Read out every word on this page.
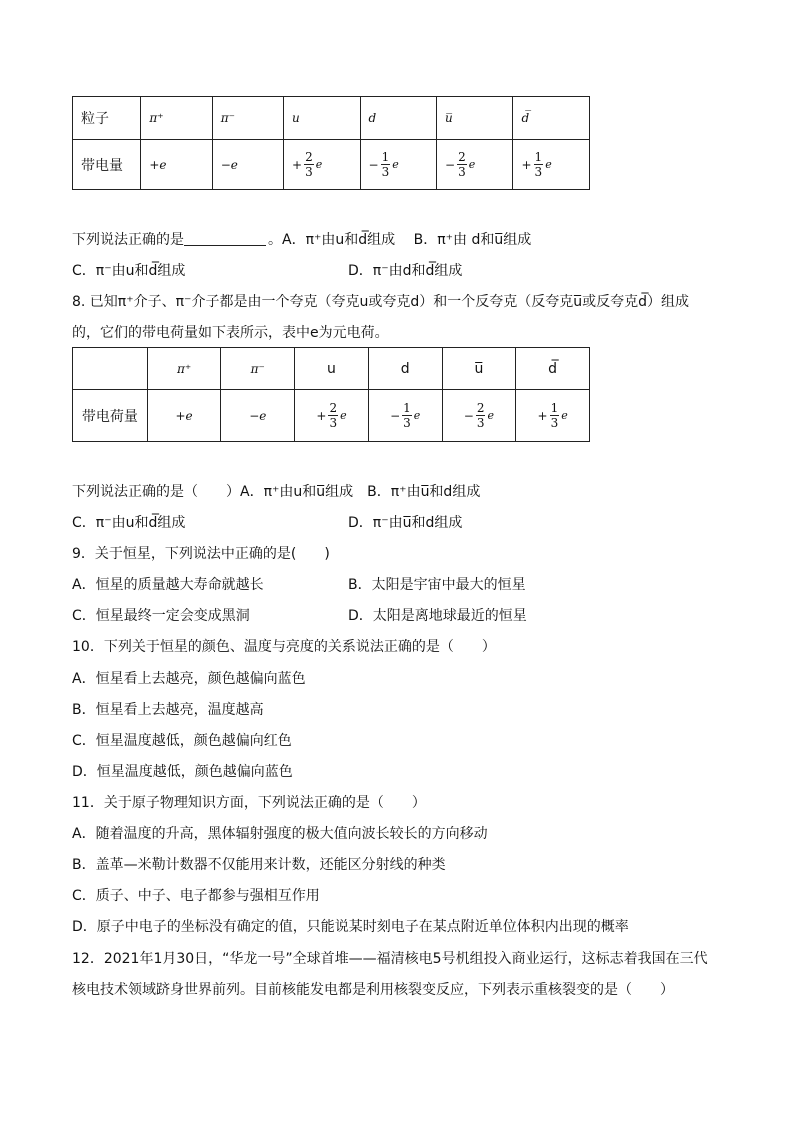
粒子	π⁺	π⁻	u	d	u̅	d̅
带电量	+e	−e	+ $\frac{2}{3}$ e	− $\frac{1}{3}$ e	− $\frac{2}{3}$ e	+ $\frac{1}{3}$ e
下列说法正确的是	。A．π⁺由u和d̅组成　 B．π⁺由 d和u̅组成
C．π⁻由u和d̅组成	D．π⁻由d和d̅组成
8. 已知π⁺介子、π⁻介子都是由一个夸克（夸克u或夸克d）和一个反夸克（反夸克u̅或反夸克d̅）组成
的，它们的带电荷量如下表所示，表中e为元电荷。
	π⁺	π⁻	u	d	u̅	d̅
带电荷量	+e	−e	+ $\frac{2}{3}$ e	− $\frac{1}{3}$ e	− $\frac{2}{3}$ e	+ $\frac{1}{3}$ e
下列说法正确的是（　　）A．π⁺由u和u̅组成　B．π⁺由u̅和d组成
C．π⁻由u和d̅组成	D．π⁻由u̅和d组成
9．关于恒星，下列说法中正确的是(　　)
A．恒星的质量越大寿命就越长	B．太阳是宇宙中最大的恒星
C．恒星最终一定会变成黑洞	D．太阳是离地球最近的恒星
10．下列关于恒星的颜色、温度与亮度的关系说法正确的是（　　）
A．恒星看上去越亮，颜色越偏向蓝色
B．恒星看上去越亮，温度越高
C．恒星温度越低，颜色越偏向红色
D．恒星温度越低，颜色越偏向蓝色
11．关于原子物理知识方面，下列说法正确的是（　　）
A．随着温度的升高，黑体辐射强度的极大值向波长较长的方向移动
B．盖革—米勒计数器不仅能用来计数，还能区分射线的种类
C．质子、中子、电子都参与强相互作用
D．原子中电子的坐标没有确定的值，只能说某时刻电子在某点附近单位体积内出现的概率
12．2021年1月30日，“华龙一号”全球首堆——福清核电5号机组投入商业运行，这标志着我国在三代
核电技术领域跻身世界前列。目前核能发电都是利用核裂变反应，下列表示重核裂变的是（　　）
